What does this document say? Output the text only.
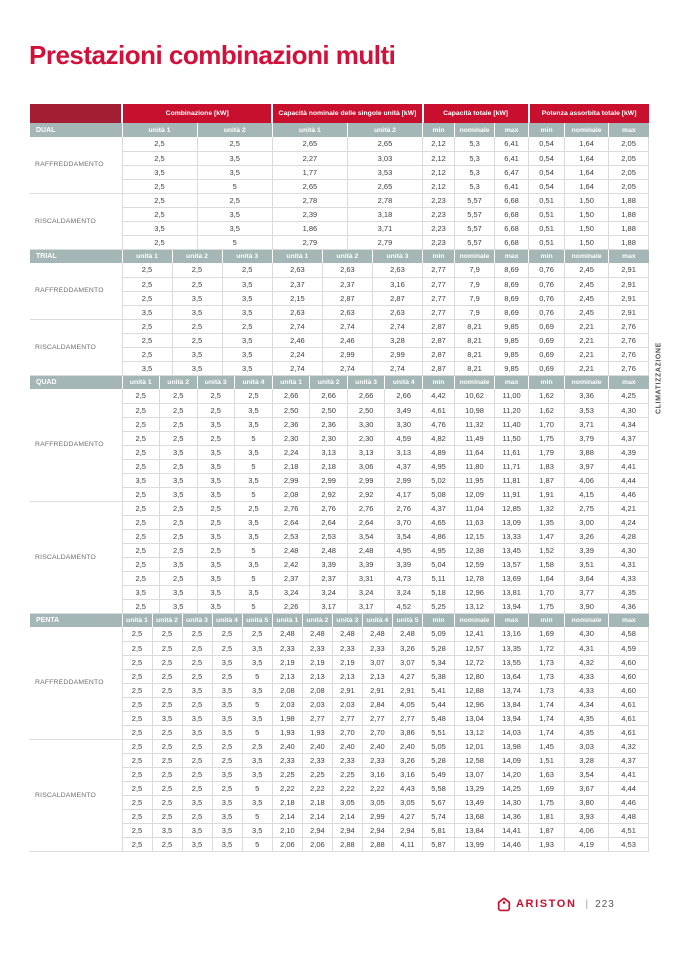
Prestazioni combinazioni multi
	Combinazione [kW]										Capacità nominale delle singole unità [kW]										Capacità totale [kW]			Potenza assorbita totale [kW]		
DUAL	unità 1					unità 2					unità 1					unità 2					min	nominale	max	min	nominale	max
RAFFREDDAMENTO	2,5					2,5					2,65					2,65					2,12	5,3	6,41	0,54	1,64	2,05
	2,5					3,5					2,27					3,03					2,12	5,3	6,41	0,54	1,64	2,05
	3,5					3,5					1,77					3,53					2,12	5,3	6,47	0,54	1,64	2,05
	2,5					5					2,65					2,65					2,12	5,3	6,41	0,54	1,64	2,05
RISCALDAMENTO	2,5					2,5					2,78					2,78					2,23	5,57	6,68	0,51	1,50	1,88
	2,5					3,5					2,39					3,18					2,23	5,57	6,68	0,51	1,50	1,88
	3,5					3,5					1,86					3,71					2,23	5,57	6,68	0,51	1,50	1,88
	2,5					5					2,79					2,79					2,23	5,57	6,68	0,51	1,50	1,88
TRIAL	unità 1			unità 2				unità 3			unità 1			unità 2				unità 3			min	nominale	max	min	nominale	max
RAFFREDDAMENTO	2,5			2,5				2,5			2,63			2,63				2,63			2,77	7,9	8,69	0,76	2,45	2,91
	2,5			2,5				3,5			2,37			2,37				3,16			2,77	7,9	8,69	0,76	2,45	2,91
	2,5			3,5				3,5			2,15			2,87				2,87			2,77	7,9	8,69	0,76	2,45	2,91
	3,5			3,5				3,5			2,63			2,63				2,63			2,77	7,9	8,69	0,76	2,45	2,91
RISCALDAMENTO	2,5			2,5				2,5			2,74			2,74				2,74			2,87	8,21	9,85	0,69	2,21	2,76
	2,5			2,5				3,5			2,46			2,46				3,28			2,87	8,21	9,85	0,69	2,21	2,76
	2,5			3,5				3,5			2,24			2,99				2,99			2,87	8,21	9,85	0,69	2,21	2,76
	3,5			3,5				3,5			2,74			2,74				2,74			2,87	8,21	9,85	0,69	2,21	2,76
QUAD	unità 1		unità 2			unità 3			unità 4		unità 1		unità 2			unità 3			unità 4		min	nominale	max	min	nominale	max
RAFFREDDAMENTO	2,5		2,5			2,5			2,5		2,66		2,66			2,66			2,66		4,42	10,62	11,00	1,62	3,36	4,25
	2,5		2,5			2,5			3,5		2,50		2,50			2,50			3,49		4,61	10,98	11,20	1,62	3,53	4,30
	2,5		2,5			3,5			3,5		2,36		2,36			3,30			3,30		4,76	11,32	11,40	1,70	3,71	4,34
	2,5		2,5			2,5			5		2,30		2,30			2,30			4,59		4,82	11,49	11,50	1,75	3,79	4,37
	2,5		3,5			3,5			3,5		2,24		3,13			3,13			3,13		4,89	11,64	11,61	1,79	3,88	4,39
	2,5		2,5			3,5			5		2,18		2,18			3,06			4,37		4,95	11,80	11,71	1,83	3,97	4,41
	3,5		3,5			3,5			3,5		2,99		2,99			2,99			2,99		5,02	11,95	11,81	1,87	4,06	4,44
	2,5		3,5			3,5			5		2,08		2,92			2,92			4,17		5,08	12,09	11,91	1,91	4,15	4,46
RISCALDAMENTO	2,5		2,5			2,5			2,5		2,76		2,76			2,76			2,76		4,37	11,04	12,85	1,32	2,75	4,21
	2,5		2,5			2,5			3,5		2,64		2,64			2,64			3,70		4,65	11,63	13,09	1,35	3,00	4,24
	2,5		2,5			3,5			3,5		2,53		2,53			3,54			3,54		4,86	12,15	13,33	1,47	3,26	4,28
	2,5		2,5			2,5			5		2,48		2,48			2,48			4,95		4,95	12,38	13,45	1,52	3,39	4,30
	2,5		3,5			3,5			3,5		2,42		3,39			3,39			3,39		5,04	12,59	13,57	1,58	3,51	4,31
	2,5		2,5			3,5			5		2,37		2,37			3,31			4,73		5,11	12,78	13,69	1,64	3,64	4,33
	3,5		3,5			3,5			3,5		3,24		3,24			3,24			3,24		5,18	12,96	13,81	1,70	3,77	4,35
	2,5		3,5			3,5			5		2,26		3,17			3,17			4,52		5,25	13,12	13,94	1,75	3,90	4,36
PENTA	unità 1	unità 2			unità 3		unità 4			unità 5	unità 1	unità 2			unità 3		unità 4			unità 5	min	nominale	max	min	nominale	max
RAFFREDDAMENTO	2,5	2,5			2,5		2,5			2,5	2,48	2,48			2,48		2,48			2,48	5,09	12,41	13,16	1,69	4,30	4,58
	2,5	2,5			2,5		2,5			3,5	2,33	2,33			2,33		2,33			3,26	5,28	12,57	13,35	1,72	4,31	4,59
	2,5	2,5			2,5		3,5			3,5	2,19	2,19			2,19		3,07			3,07	5,34	12,72	13,55	1,73	4,32	4,60
	2,5	2,5			2,5		2,5			5	2,13	2,13			2,13		2,13			4,27	5,38	12,80	13,64	1,73	4,33	4,60
	2,5	2,5			3,5		3,5			3,5	2,08	2,08			2,91		2,91			2,91	5,41	12,88	13,74	1,73	4,33	4,60
	2,5	2,5			2,5		3,5			5	2,03	2,03			2,03		2,84			4,05	5,44	12,96	13,84	1,74	4,34	4,61
	2,5	3,5			3,5		3,5			3,5	1,98	2,77			2,77		2,77			2,77	5,48	13,04	13,94	1,74	4,35	4,61
	2,5	2,5			3,5		3,5			5	1,93	1,93			2,70		2,70			3,86	5,51	13,12	14,03	1,74	4,35	4,61
RISCALDAMENTO	2,5	2,5			2,5		2,5			2,5	2,40	2,40			2,40		2,40			2,40	5,05	12,01	13,98	1,45	3,03	4,32
	2,5	2,5			2,5		2,5			3,5	2,33	2,33			2,33		2,33			3,26	5,28	12,58	14,09	1,51	3,28	4,37
	2,5	2,5			2,5		3,5			3,5	2,25	2,25			2,25		3,16			3,16	5,49	13,07	14,20	1,63	3,54	4,41
	2,5	2,5			2,5		2,5			5	2,22	2,22			2,22		2,22			4,43	5,58	13,29	14,25	1,69	3,67	4,44
	2,5	2,5			3,5		3,5			3,5	2,18	2,18			3,05		3,05			3,05	5,67	13,49	14,30	1,75	3,80	4,46
	2,5	2,5			2,5		3,5			5	2,14	2,14			2,14		2,99			4,27	5,74	13,68	14,36	1,81	3,93	4,48
	2,5	3,5			3,5		3,5			3,5	2,10	2,94			2,94		2,94			2,94	5,81	13,84	14,41	1,87	4,06	4,51
	2,5	2,5			3,5		3,5			5	2,06	2,06			2,88		2,88			4,11	5,87	13,99	14,46	1,93	4,19	4,53
CLIMATIZZAZIONE
ARISTON | 223
